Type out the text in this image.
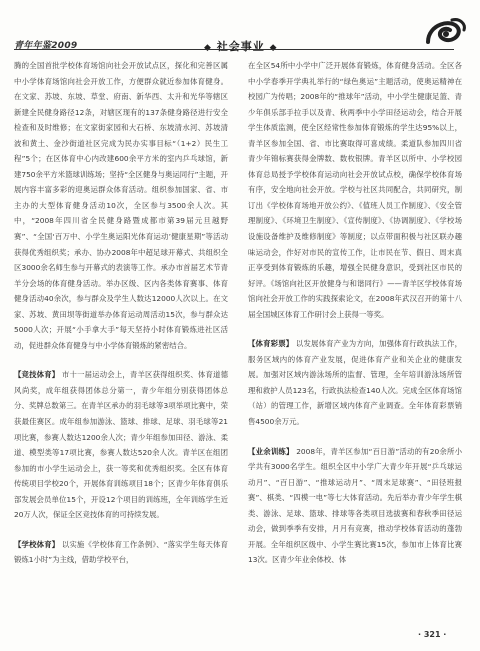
青年年鉴2009	◆ 社会事业 ◆

腾的全国首批学校体育场馆向社会开放试点区，探化和完善区属中小学体育场馆向社会开放工作，方便群众就近参加体育健身。在文家、苏坡、东坡、草堂、府南、新华西、太升和光华等辖区新建全民健身路径12条，对辖区现有的137条健身路径进行安全检查和及时维修；在文家街家园和大石桥、东坡清水河、苏坡清波和黄土、金沙街道社区完成为民办实事目标“（1+2）民生工程”5个；在区体育中心内改建600余平方米的室内乒乓球馆，新建750余平方米篮球训练场；坚持“全区健身与奥运同行”主题，开展内容丰富多彩的迎奥运群众体育活动。组织参加国家、省、市主办的大型体育健身活动10次，全区参与3500余人次。其中，“2008年四川省全民健身路暨成都市第39届元旦越野赛”、“全国‘百万中、小学生奥运阳光体育运动’健康星期”等活动获得优秀组织奖；承办、协办2008年中超足球开幕式、共组织全区3000余名师生参与开幕式的表演等工作。承办市首届艺术节青羊分会场的体育健身活动。举办区级、区内各类体育赛事、体育健身活动40余次，参与群众及学生人数达12000人次以上。在文家、苏坡、黄田坝等街道举办体育运动周活动15次，参与群众达5000人次；开展“小手拿大手”每天坚持小时体育锻炼进社区活动，促进群众体育健身与中小学体育锻炼的紧密结合。

【竞技体育】 市十一届运动会上，青羊区获得组织奖、体育道德风尚奖，成年组获得团体总分第一，青少年组分别获得团体总分、奖牌总数第三。在青羊区承办的羽毛球等3项举项比赛中，荣获最佳赛区。成年组参加游泳、篮球、排球、足球、羽毛球等21项比赛，参赛人数达1200余人次；青少年组参加田径、游泳、柔道、模型类等17项比赛，参赛人数达520余人次。青羊区在组团参加的市小学生运动会上，获一等奖和优秀组织奖。全区有体育传统项目学校20个，开展体育训练项目18个；区青少年体育俱乐部发展会员单位15个，开设12个项目的训练班，全年训练学生近20万人次，保证全区竞技体育的可持续发展。

【学校体育】 以实施《学校体育工作条例》、“落实学生每天体育锻炼1小时”为主线，借助学校平台，

在全区54所中小学中广泛开展体育锻炼，体育健身活动。全区各中小学春季开学典礼举行的“绿色奥运”主题活动，使奥运精神在校园广为传唱；2008年的“推球年”活动，中小学生健康足篮、青少年俱乐部手拉手以及青、秋两季中小学田径运动会，结合开展学生体质监测，使全区经常性参加体育锻炼的学生达95%以上，青羊区参加全国、省、市比赛取得可喜成绩。柔道队参加四川省青少年锦标赛获得金牌数、数枚银牌。青羊区以所中、小学校园体育总局授予学校体育运动向社会开放试点校，确保学校体育场有序，安全地向社会开放。学校与社区共同配合，共同研究，制订出《学校体育场地开放公约》、《值班人员工作制度》、《安全管理制度》、《环境卫生制度》、《宣传制度》、《协调制度》、《学校场设施设备维护及维修制度》等制度；以点带面积极与社区联办趣味运动会，作好对市民的宣传工作，让市民在节、假日、周末真正享受到体育锻炼的乐趣，增强全民健身意识，受到社区市民的好评。《场馆向社区开放健身与和谐同行》——青羊区学校体育场馆向社会开放工作的实践探索论文，在2008年武汉召开的第十八届全国城区体育工作研讨会上获得一等奖。

【体育彩票】 以发展体育产业为方向，加强体育行政执法工作，服务区域内的体育产业发展，促进体育产业和关企业的健康发展。加强对区域内游泳场所的监督、管理，全年培训游泳场所管理和救护人员123名，行政执法检查140人次。完成全区体育场馆（站）的管理工作，新增区域内体育产业调查。全年体育彩票销售4500余万元。

【业余训练】 2008年，青羊区参加“百日游”活动的有20余所小学共有3000名学生。组织全区中小学广大青少年开展“乒乓球运动月”、“百日游”、“推球运动月”、“周末足球赛”、“田径班报赛”、棋类、“四模一电”等七大体育活动。先后举办青少年学生棋类、游泳、足球、篮球、排球等各类项目选拔赛和春秋季田径运动会，做到季季有安排，月月有竞赛，推动学校体育活动的蓬勃开展。全年组织区级中、小学生赛比赛15次，参加市上体育比赛13次。区青少年业余体校、体

· 321 ·
